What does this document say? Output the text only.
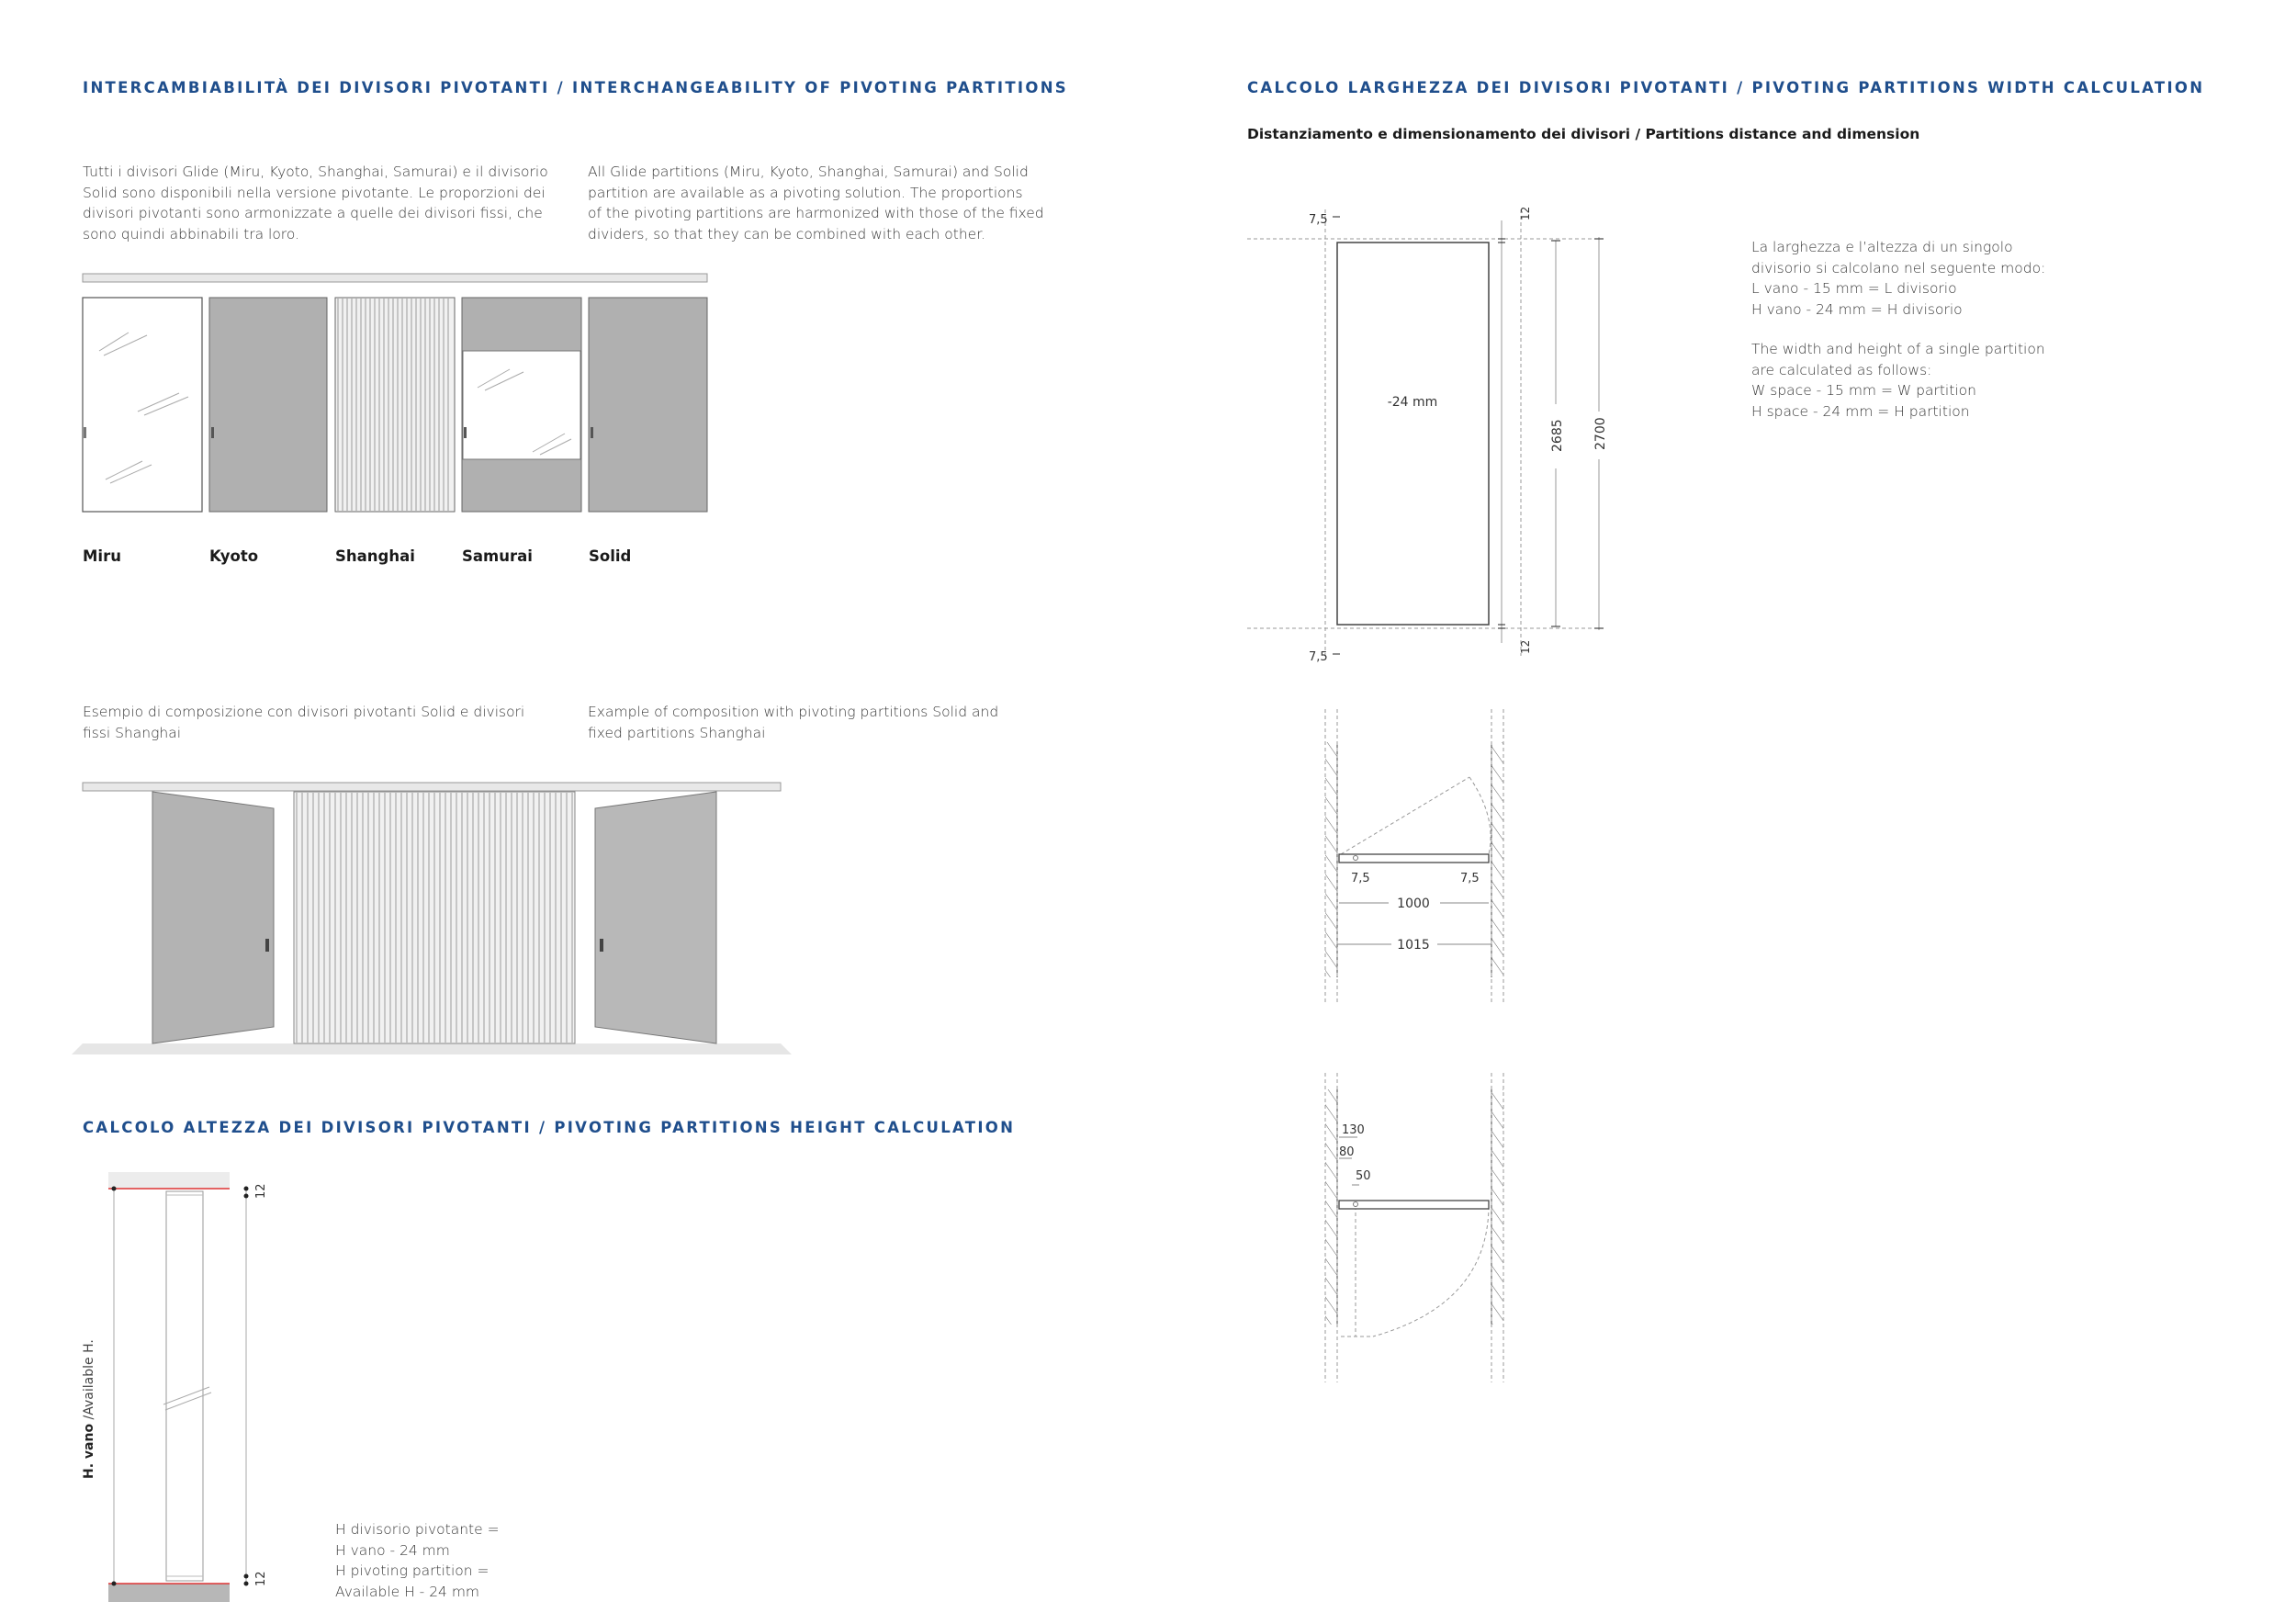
INTERCAMBIABILITÀ DEI DIVISORI PIVOTANTI / INTERCHANGEABILITY OF PIVOTING PARTITIONS
Tutti i divisori Glide (Miru, Kyoto, Shanghai, Samurai) e il divisorio
Solid sono disponibili nella versione pivotante. Le proporzioni dei
divisori pivotanti sono armonizzate a quelle dei divisori fissi, che
sono quindi abbinabili tra loro.
All Glide partitions (Miru, Kyoto, Shanghai, Samurai) and Solid
partition are available as a pivoting solution. The proportions
of the pivoting partitions are harmonized with those of the fixed
dividers, so that they can be combined with each other.
Miru	Kyoto	Shanghai	Samurai	Solid
Esempio di composizione con divisori pivotanti Solid e divisori
fissi Shanghai
Example of composition with pivoting partitions Solid and
fixed partitions Shanghai
CALCOLO ALTEZZA DEI DIVISORI PIVOTANTI / PIVOTING PARTITIONS HEIGHT CALCULATION
12
12
H. vano /Available H.
H divisorio pivotante =
H vano - 24 mm
H pivoting partition =
Available H - 24 mm
CALCOLO LARGHEZZA DEI DIVISORI PIVOTANTI / PIVOTING PARTITIONS WIDTH CALCULATION
Distanziamento e dimensionamento dei divisori / Partitions distance and dimension
La larghezza e l’altezza di un singolo
divisorio si calcolano nel seguente modo:
L vano - 15 mm = L divisorio
H vano - 24 mm = H divisorio
The width and height of a single partition
are calculated as follows:
W space - 15 mm = W partition
H space - 24 mm = H partition
7,5	12
-24 mm
2685 2700
7,5
12
7,5	7,5
1000
1015
130
80
50
